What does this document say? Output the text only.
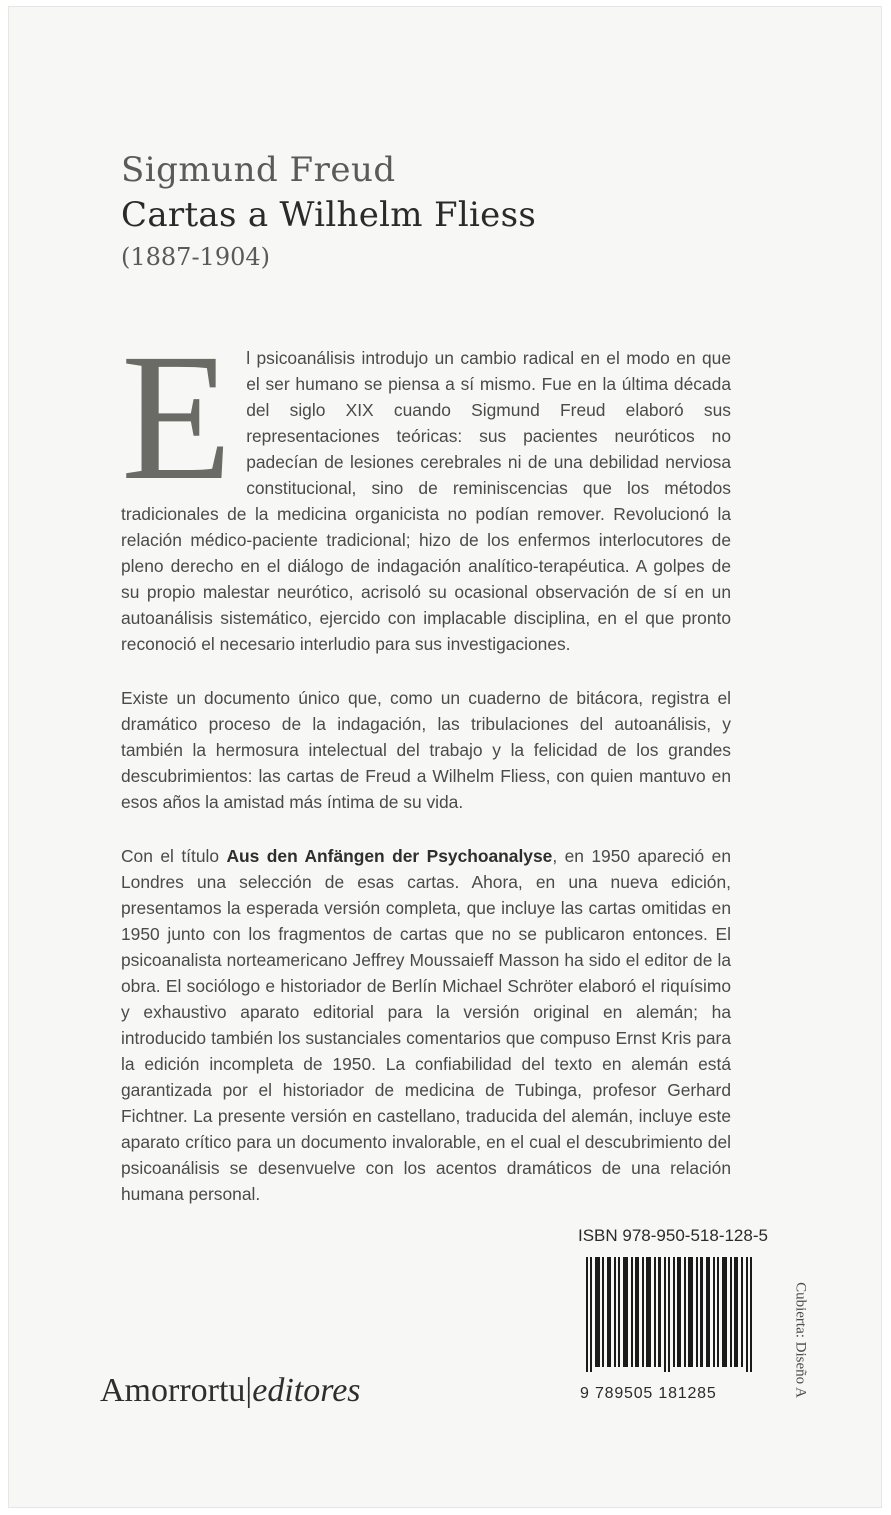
Sigmund Freud
Cartas a Wilhelm Fliess
(1887-1904)

El psicoanálisis introdujo un cambio radical en el modo en que el ser humano se piensa a sí mismo. Fue en la última década del siglo XIX cuando Sigmund Freud elaboró sus representaciones teóricas: sus pacientes neuróticos no padecían de lesiones cerebrales ni de una debilidad nerviosa constitucional, sino de reminiscencias que los métodos tradicionales de la medicina organicista no podían remover. Revolucionó la relación médico-paciente tradicional; hizo de los enfermos interlocutores de pleno derecho en el diálogo de indagación analítico-terapéutica. A golpes de su propio malestar neurótico, acrisoló su ocasional observación de sí en un autoanálisis sistemático, ejercido con implacable disciplina, en el que pronto reconoció el necesario interludio para sus investigaciones.

Existe un documento único que, como un cuaderno de bitácora, registra el dramático proceso de la indagación, las tribulaciones del autoanálisis, y también la hermosura intelectual del trabajo y la felicidad de los grandes descubrimientos: las cartas de Freud a Wilhelm Fliess, con quien mantuvo en esos años la amistad más íntima de su vida.

Con el título Aus den Anfängen der Psychoanalyse, en 1950 apareció en Londres una selección de esas cartas. Ahora, en una nueva edición, presentamos la esperada versión completa, que incluye las cartas omitidas en 1950 junto con los fragmentos de cartas que no se publicaron entonces. El psicoanalista norteamericano Jeffrey Moussaieff Masson ha sido el editor de la obra. El sociólogo e historiador de Berlín Michael Schröter elaboró el riquísimo y exhaustivo aparato editorial para la versión original en alemán; ha introducido también los sustanciales comentarios que compuso Ernst Kris para la edición incompleta de 1950. La confiabilidad del texto en alemán está garantizada por el historiador de medicina de Tubinga, profesor Gerhard Fichtner. La presente versión en castellano, traducida del alemán, incluye este aparato crítico para un documento invalorable, en el cual el descubrimiento del psicoanálisis se desenvuelve con los acentos dramáticos de una relación humana personal.

ISBN 978-950-518-128-5
9 789505 181285	Cubierta: Diseño A
Amorrortu|editores
